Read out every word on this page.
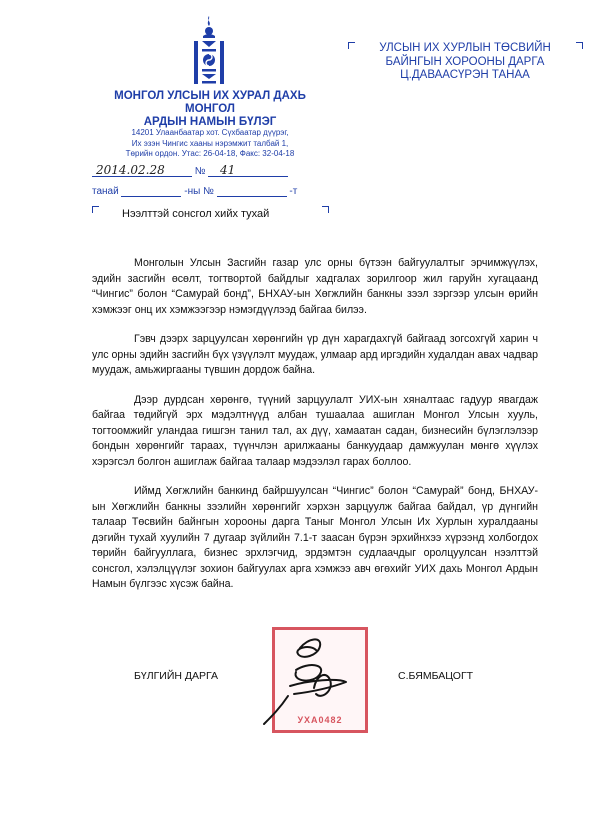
МОНГОЛ УЛСЫН ИХ ХУРАЛ ДАХЬ
МОНГОЛ
АРДЫН НАМЫН БҮЛЭГ
14201 Улаанбаатар хот. Сүхбаатар дүүрэг,
Их эзэн Чингис хааны нэрэмжит талбай 1,
Төрийн ордон. Утас: 26-04-18, Факс: 32-04-18
УЛСЫН ИХ ХУРЛЫН ТӨСВИЙН
БАЙНГЫН ХОРООНЫ ДАРГА
Ц.ДАВААСҮРЭН ТАНАА
№
2014.02.28	41
танай	-ны №	-т
Нээлттэй сонсгол хийх тухай

Монголын Улсын Засгийн газар улс орны бүтээн байгуулалтыг эрчимжүүлэх, эдийн засгийн өсөлт, тогтвортой байдлыг хадгалах зорилгоор жил гаруйн хугацаанд “Чингис” болон “Самурай бонд”, БНХАУ-ын Хөгжлийн банкны зээл зэргээр улсын өрийн хэмжээг онц их хэмжээгээр нэмэгдүүлээд байгаа билээ.

Гэвч дээрх зарцуулсан хөрөнгийн үр дүн харагдахгүй байгаад зогсохгүй харин ч улс орны эдийн засгийн бүх үзүүлэлт муудаж, улмаар ард иргэдийн худалдан авах чадвар муудаж, амьжиргааны түвшин дордож байна.

Дээр дурдсан хөрөнгө, түүний зарцуулалт УИХ-ын хяналтаас гадуур явагдаж байгаа төдийгүй эрх мэдэлтнүүд албан тушаалаа ашиглан Монгол Улсын хууль, тогтоомжийг уландаа гишгэн танил тал, ах дүү, хамаатан садан, бизнесийн бүлэглэлээр бондын хөрөнгийг тараах, түүнчлэн арилжааны банкуудаар дамжуулан мөнгө хүүлэх хэрэгсэл болгон ашиглаж байгаа талаар мэдээлэл гарах боллоо.

Иймд Хөгжлийн банкинд байршуулсан “Чингис” болон “Самурай” бонд, БНХАУ-ын Хөгжлийн банкны зээлийн хөрөнгийг хэрхэн зарцуулж байгаа байдал, үр дүнгийн талаар Төсвийн байнгын хорооны дарга Таныг Монгол Улсын Их Хурлын хуралдааны дэгийн тухай хуулийн 7 дугаар зүйлийн 7.1-т заасан бүрэн эрхийнхээ хүрээнд холбогдох төрийн байгууллага, бизнес эрхлэгчид, эрдэмтэн судлаачдыг оролцуулсан нээлттэй сонсгол, хэлэлцүүлэг зохион байгуулах арга хэмжээ авч өгөхийг УИХ дахь Монгол Ардын Намын бүлгээс хүсэж байна.

УХА0482
БҮЛГИЙН ДАРГА	С.БЯМБАЦОГТ
